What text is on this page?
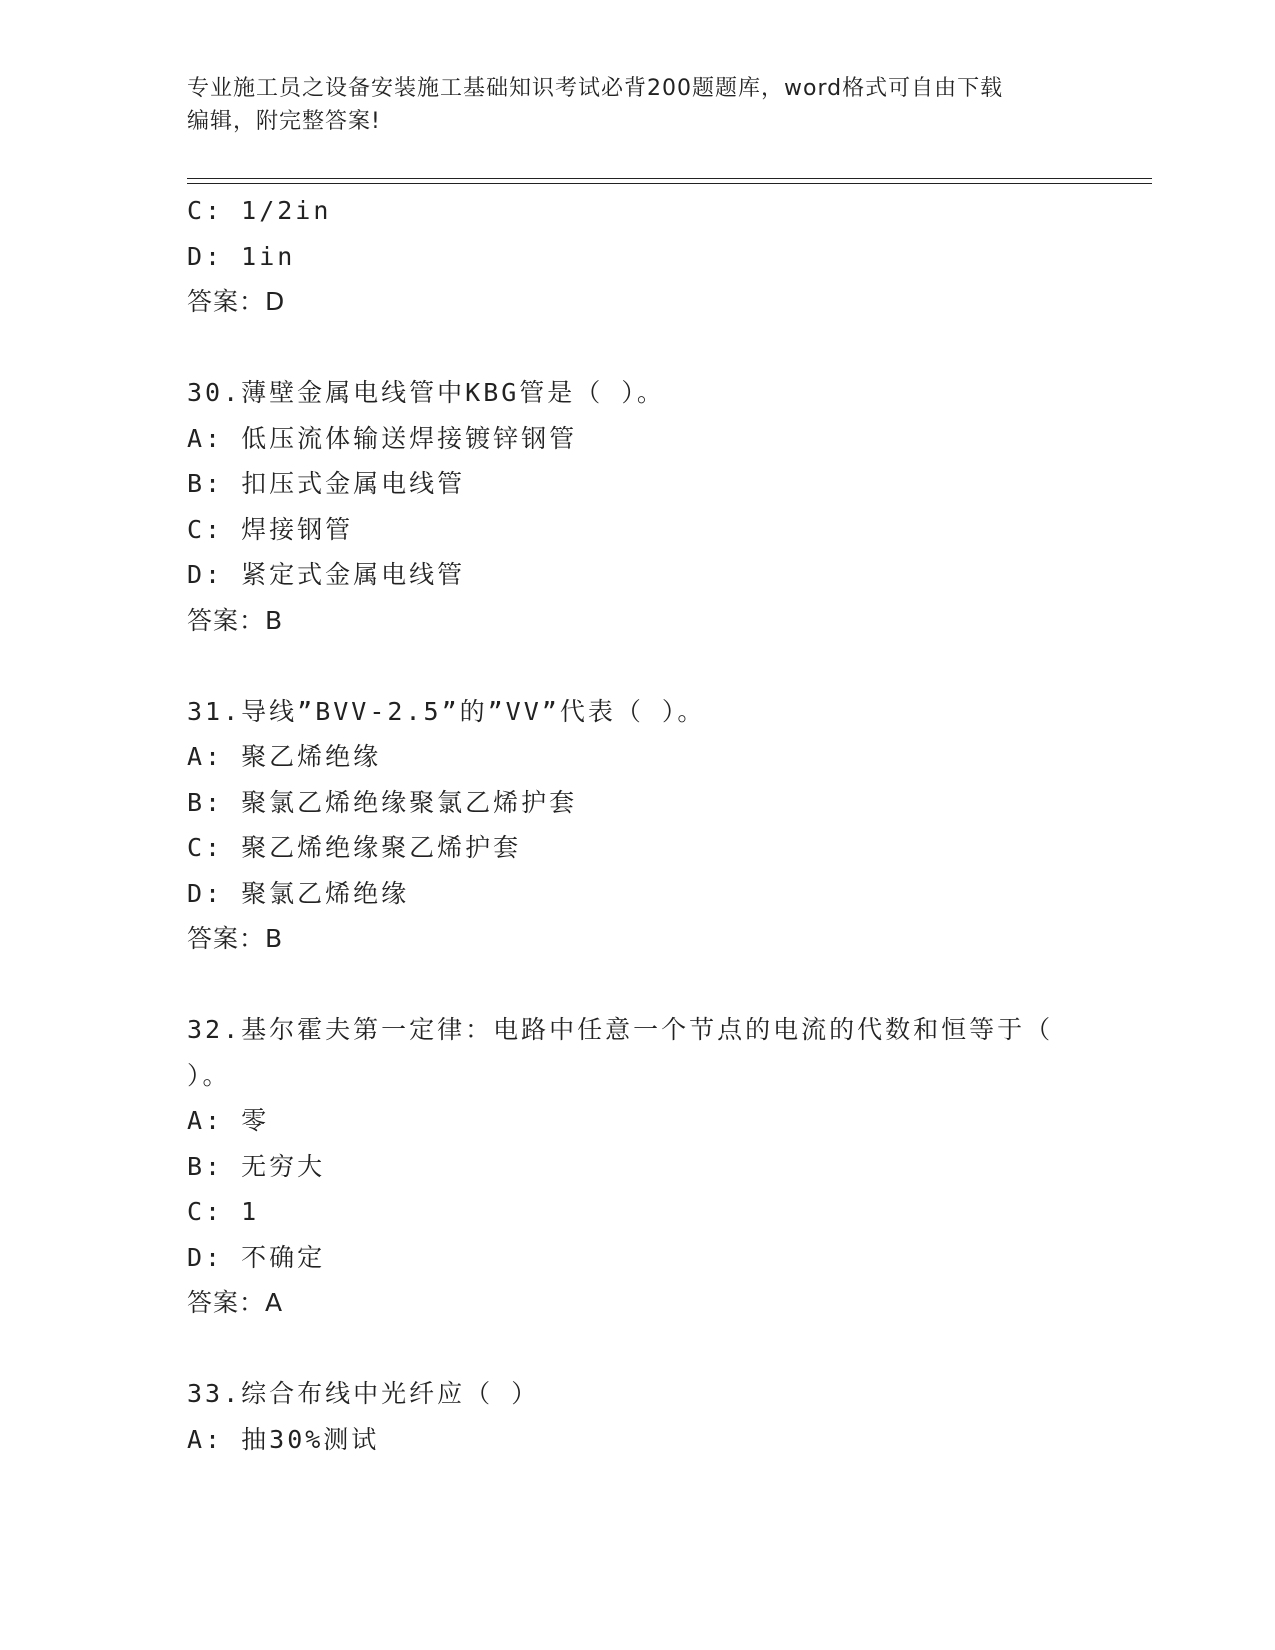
专业施工员之设备安装施工基础知识考试必背200题题库，word格式可自由下载
编辑，附完整答案!
C: 1/2in
D: 1in
答案：D
30.薄壁金属电线管中KBG管是（ ）。
A: 低压流体输送焊接镀锌钢管
B: 扣压式金属电线管
C: 焊接钢管
D: 紧定式金属电线管
答案：B
31.导线”BVV-2.5”的”VV”代表（ ）。
A: 聚乙烯绝缘
B: 聚氯乙烯绝缘聚氯乙烯护套
C: 聚乙烯绝缘聚乙烯护套
D: 聚氯乙烯绝缘
答案：B
32.基尔霍夫第一定律：电路中任意一个节点的电流的代数和恒等于（
）。
A: 零
B: 无穷大
C: 1
D: 不确定
答案：A
33.综合布线中光纤应（ ）
A: 抽30%测试
